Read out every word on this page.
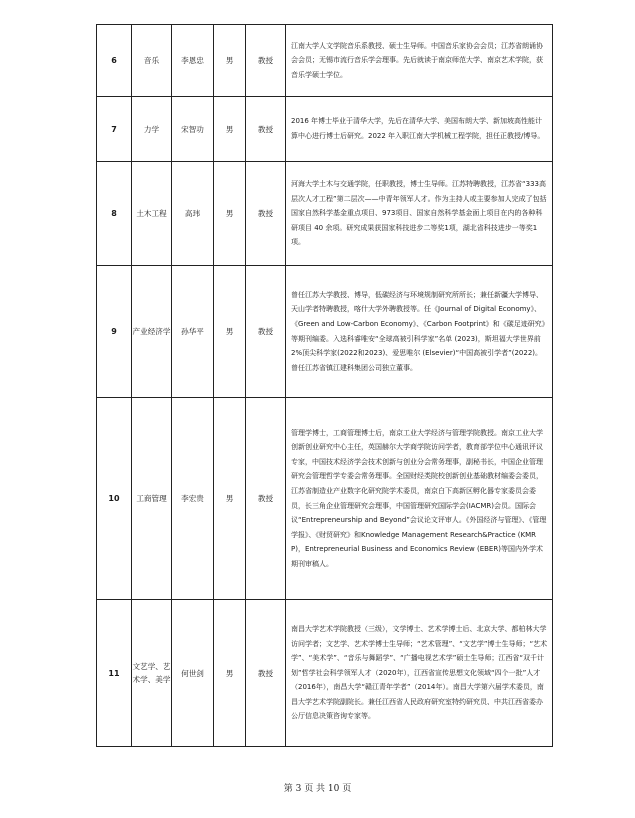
6	音乐	李恩忠	男	教授	江南大学人文学院音乐系教授、硕士生导师。中国音乐家协会会员；江苏省朗诵协会会员；无锡市流行音乐学会理事。先后就读于南京师范大学、南京艺术学院，获音乐学硕士学位。
7	力学	宋智功	男	教授	2016 年博士毕业于清华大学，先后在清华大学、美国布朗大学、新加坡高性能计算中心进行博士后研究。2022 年入职江南大学机械工程学院，担任正教授/博导。
8	土木工程	高玮	男	教授	河海大学土木与交通学院，任职教授，博士生导师。江苏特聘教授，江苏省“333高层次人才工程”第二层次——中青年领军人才。作为主持人或主要参加人完成了包括国家自然科学基金重点项目、973项目、国家自然科学基金面上项目在内的各种科研项目 40 余项。研究成果获国家科技进步二等奖1项，湖北省科技进步一等奖1项。
9	产业经济学	孙华平	男	教授	曾任江苏大学教授、博导，低碳经济与环境规制研究所所长；兼任新疆大学博导、天山学者特聘教授，喀什大学外聘教授等。任《Journal of Digital Economy》、《Green and Low-Carbon Economy》、《Carbon Footprint》和《碳足迹研究》等期刊编委。入选科睿唯安“全球高被引科学家”名单 (2023)，斯坦福大学世界前2%顶尖科学家(2022和2023)、爱思唯尔 (Elsevier)“中国高被引学者”(2022)。曾任江苏省镇江建科集团公司独立董事。
10	工商管理	李宏贵	男	教授	管理学博士，工商管理博士后，南京工业大学经济与管理学院教授。南京工业大学创新创业研究中心主任，英国赫尔大学商学院访问学者，教育部学位中心通讯评议专家，中国技术经济学会技术创新与创业分会常务理事，副秘书长，中国企业管理研究会管理哲学专委会常务理事。全国财经类院校创新创业基础教材编委会委员，江苏省制造业产业数字化研究院学术委员，南京白下高新区孵化器专家委员会委员，长三角企业管理研究会理事，中国管理研究国际学会(IACMR)会员。国际会议“Entrepreneurship and Beyond”会议论文评审人。《外国经济与管理》、《管理学报》、《财贸研究》和Knowledge Management Research&Practice (KMRP)，Entrepreneurial Business and Economics Review (EBER)等国内外学术期刊审稿人。
11	文艺学、艺术学、美学	何世剑	男	教授	南昌大学艺术学院教授（三级），文学博士、艺术学博士后、北京大学、都柏林大学访问学者；文艺学、艺术学博士生导师；“艺术管理”、“文艺学”博士生导师；“艺术学”、“美术学”、“音乐与舞蹈学”、“广播电视艺术学”硕士生导师；江西省“双千计划”哲学社会科学领军人才（2020年），江西省宣传思想文化领域“四个一批”人才（2016年），南昌大学“赣江青年学者”（2014年）。南昌大学第六届学术委员，南昌大学艺术学院副院长。兼任江西省人民政府研究室特约研究员、中共江西省委办公厅信息决策咨询专家等。
第 3 页 共 10 页
